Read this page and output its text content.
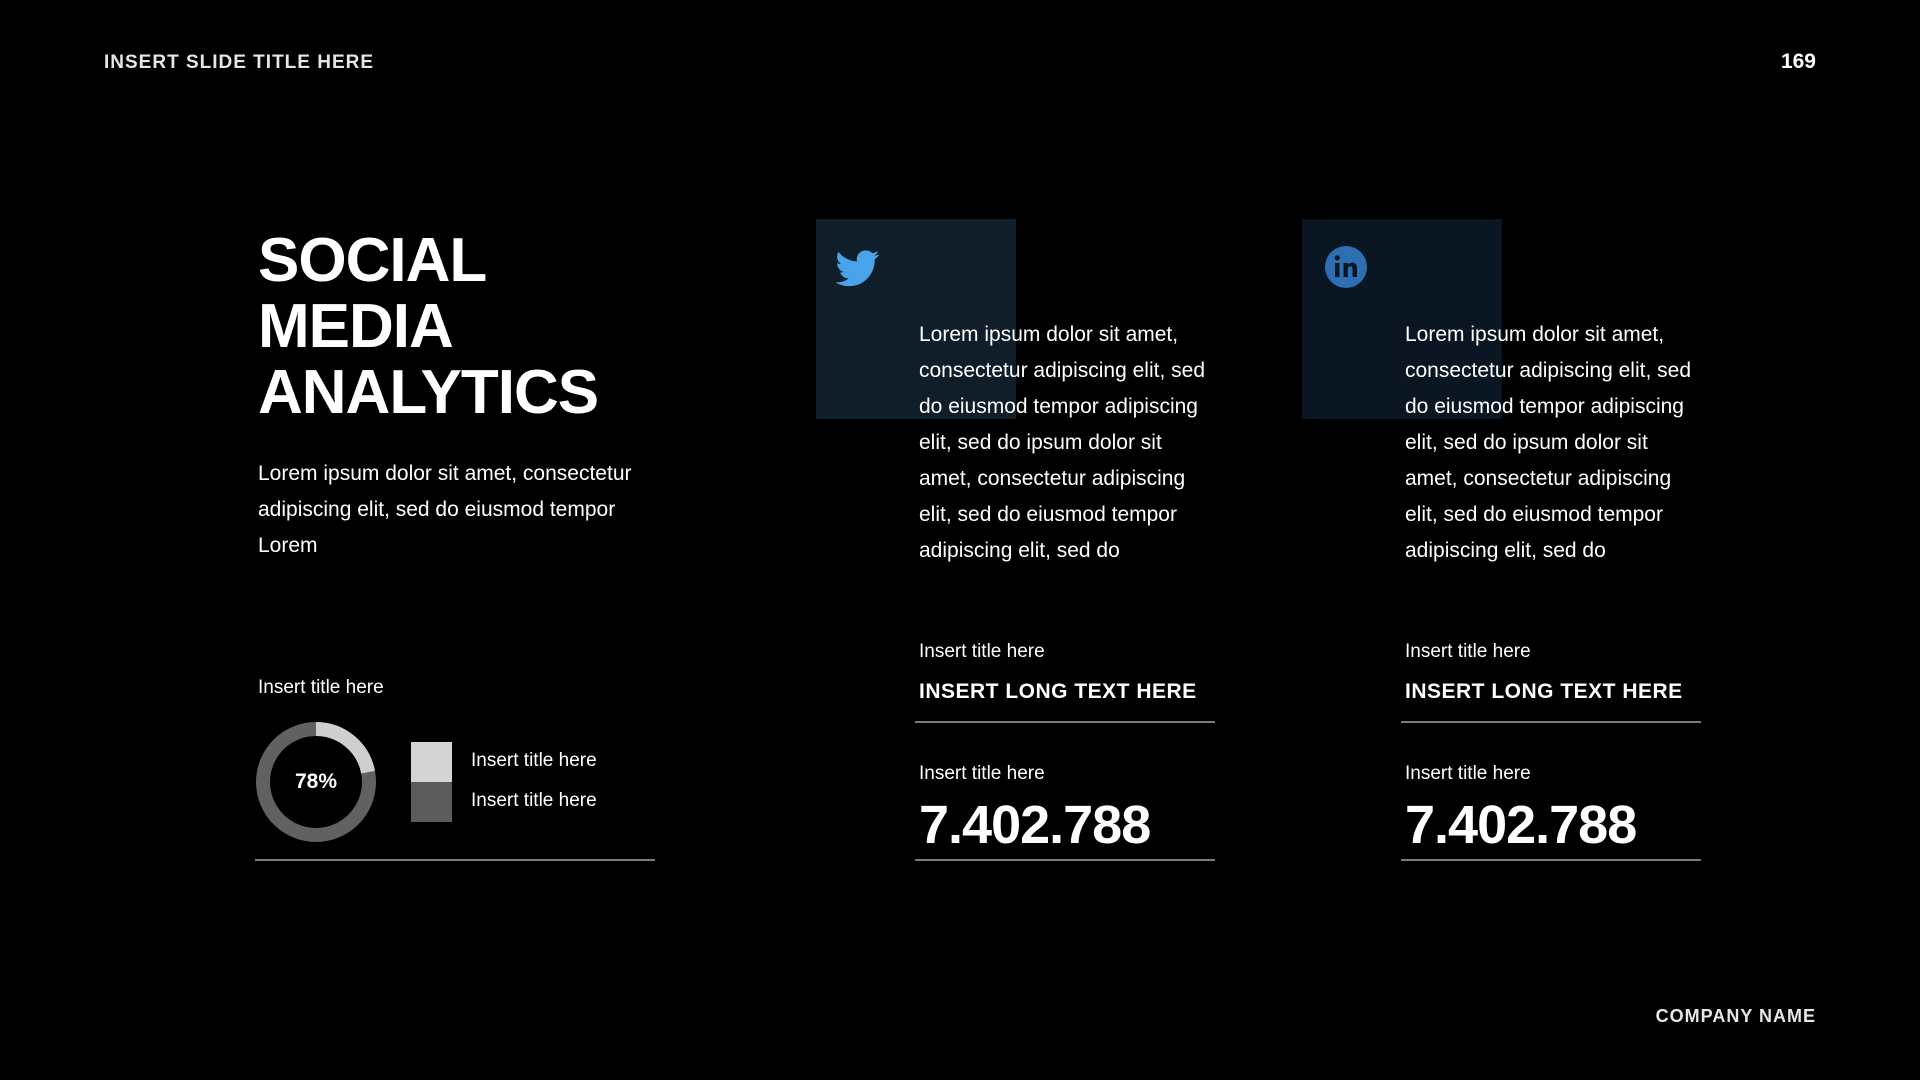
INSERT SLIDE TITLE HERE	169
COMPANY NAME
SOCIAL
MEDIA
ANALYTICS
Lorem ipsum dolor sit amet, consectetur adipiscing elit, sed do eiusmod tempor Lorem
Insert title here
78%
Insert title here
Insert title here
Lorem ipsum dolor sit amet, consectetur adipiscing elit, sed do eiusmod tempor adipiscing elit, sed do ipsum dolor sit amet, consectetur adipiscing elit, sed do eiusmod tempor adipiscing elit, sed do
Insert title here
INSERT LONG TEXT HERE
Insert title here
7.402.788
Lorem ipsum dolor sit amet, consectetur adipiscing elit, sed do eiusmod tempor adipiscing elit, sed do ipsum dolor sit amet, consectetur adipiscing elit, sed do eiusmod tempor adipiscing elit, sed do
Insert title here
INSERT LONG TEXT HERE
Insert title here
7.402.788
